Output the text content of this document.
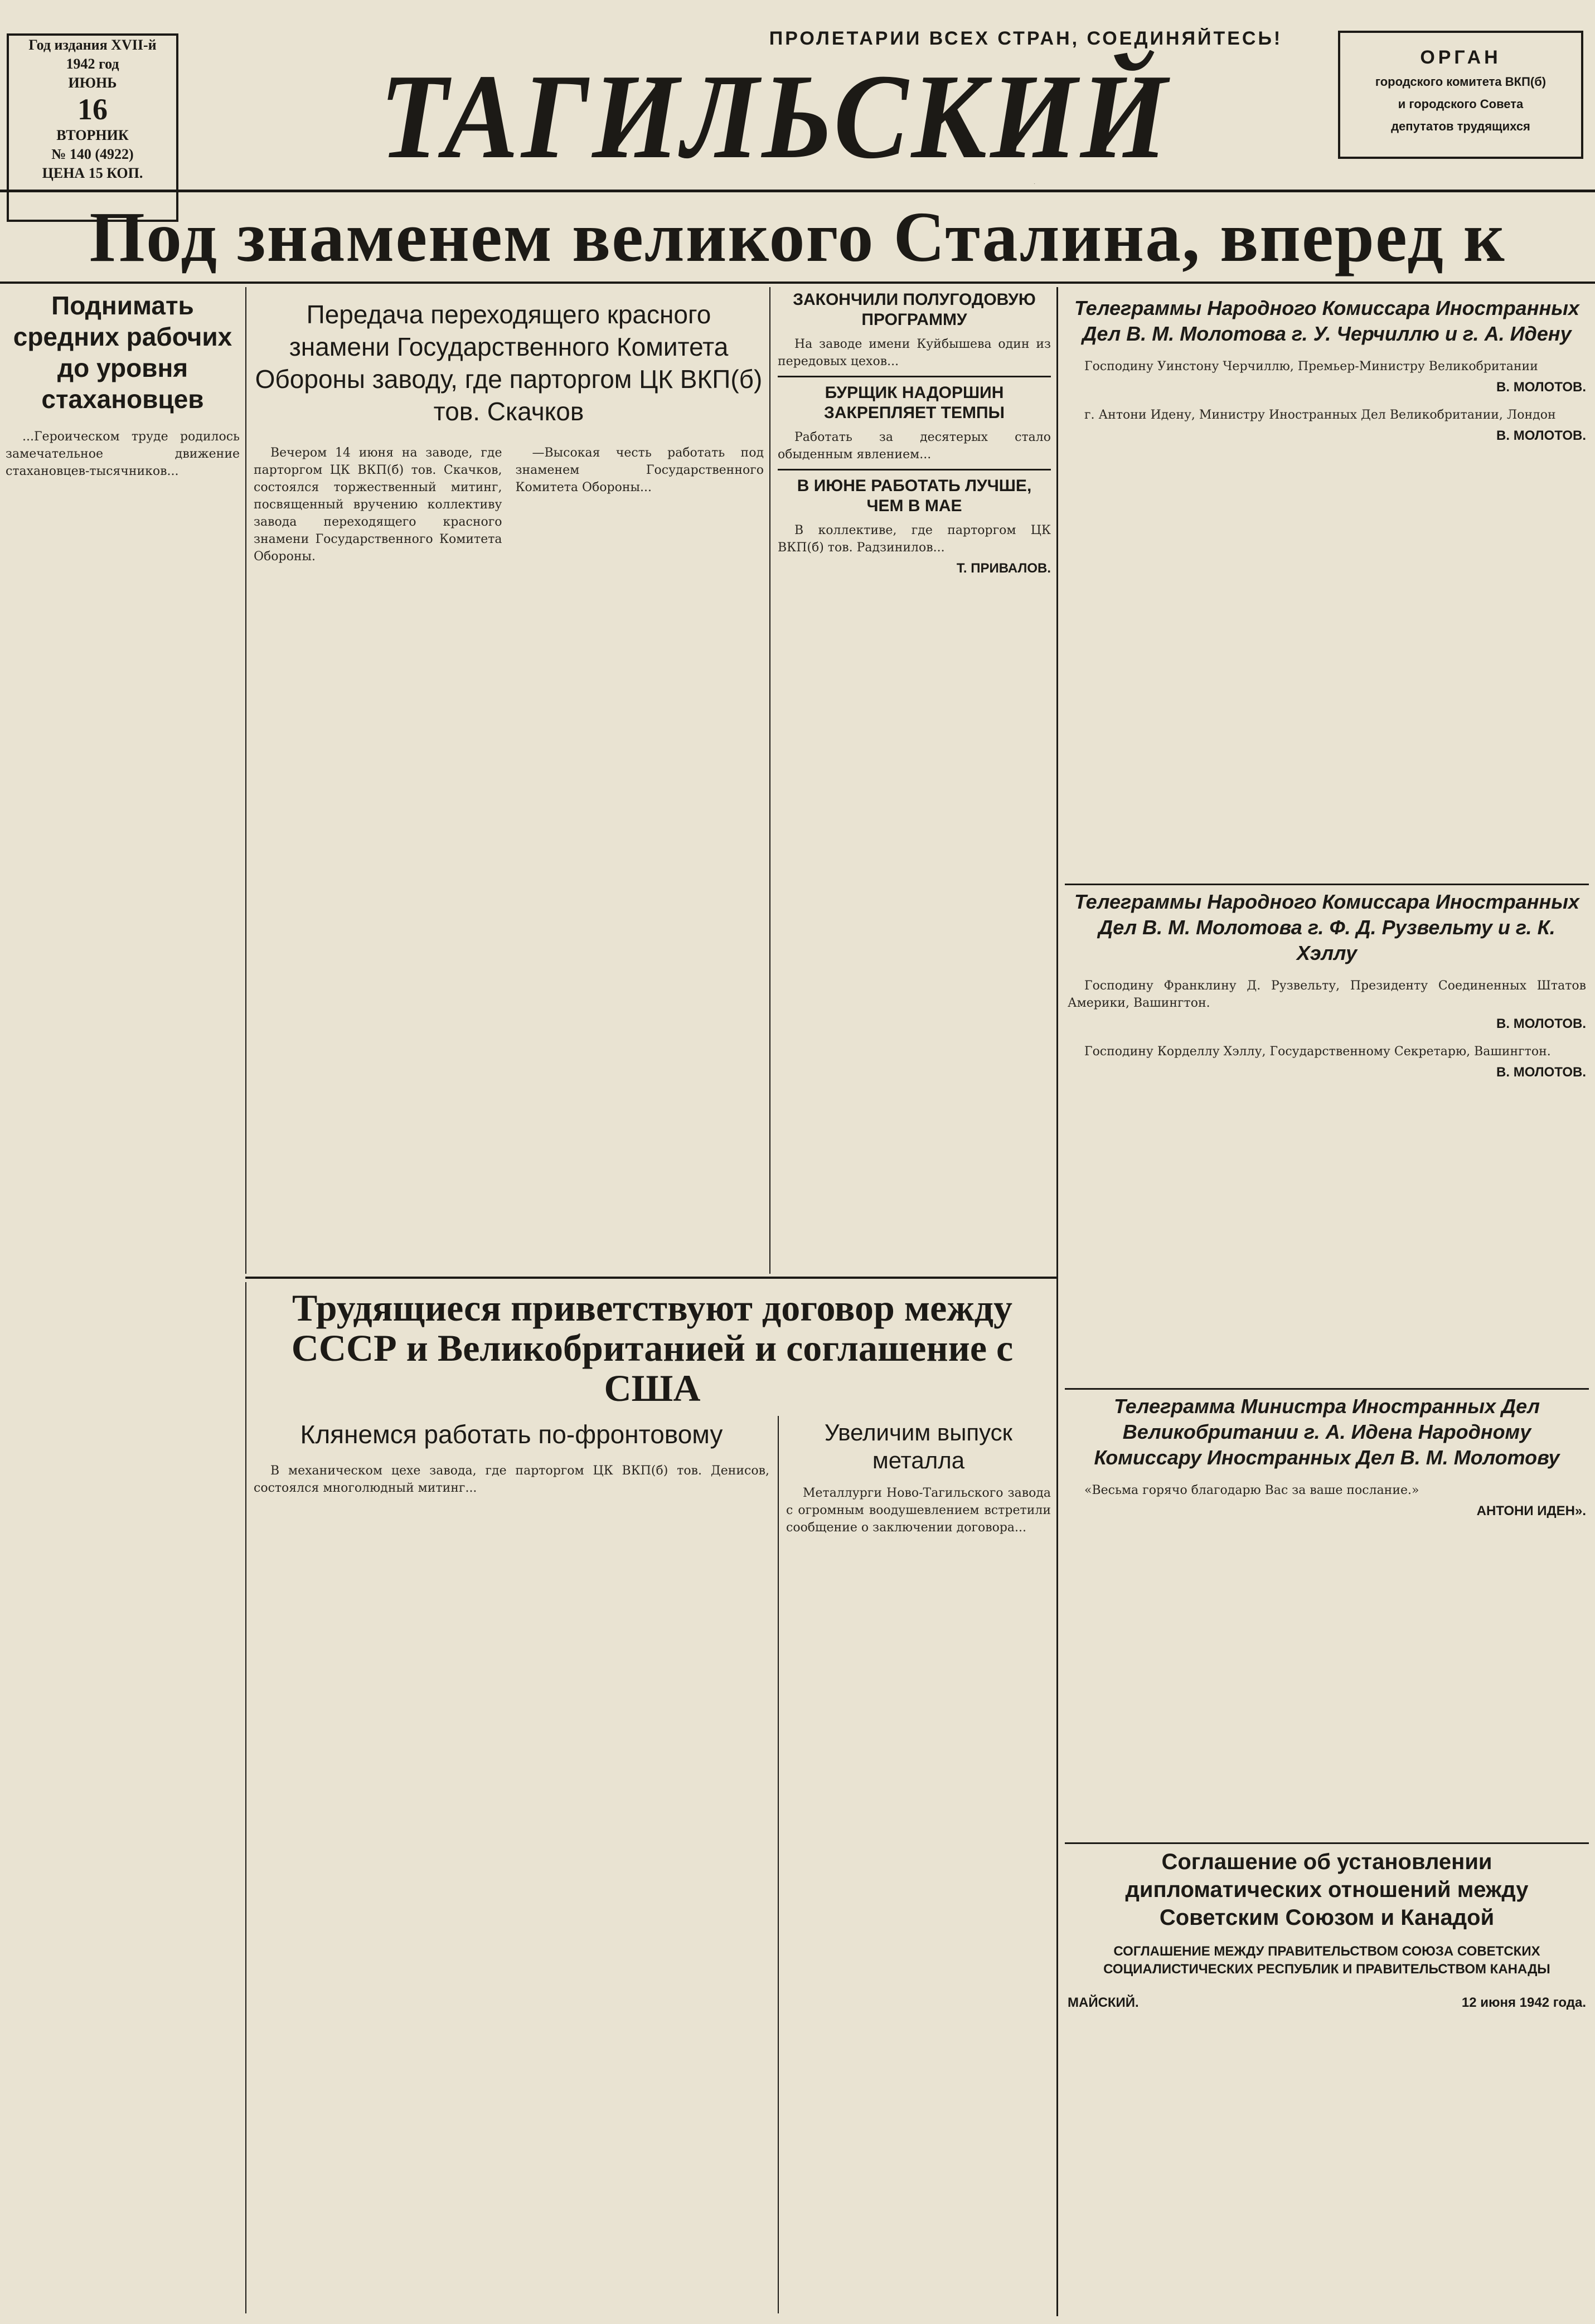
Год издания XVII-й
1942 год
ИЮНЬ
16
ВТОРНИК
№ 140 (4922)
ЦЕНА 15 КОП.
ПРОЛЕТАРИИ ВСЕХ СТРАН, СОЕДИНЯЙТЕСЬ!
ТАГИЛЬСКИЙ	ОРГАН
городского комитета ВКП(б)
и городского Совета
депутатов трудящихся
Под знаменем великого Сталина, вперед к
Поднимать средних рабочих до уровня стахановцев

...Героическом труде родилось замечательное движение стахановцев-тысячников...

Передача переходящего красного знамени Государственного Комитета Обороны заводу, где парторгом ЦК ВКП(б) тов. Скачков

Вечером 14 июня на заводе, где парторгом ЦК ВКП(б) тов. Скачков, состоялся торжественный митинг, посвященный вручению коллективу завода переходящего красного знамени Государственного Комитета Обороны.

—Высокая честь работать под знаменем Государственного Комитета Обороны...

ЗАКОНЧИЛИ ПОЛУГОДОВУЮ ПРОГРАММУ

На заводе имени Куйбышева один из передовых цехов...

БУРЩИК НАДОРШИН ЗАКРЕПЛЯЕТ ТЕМПЫ

Работать за десятерых стало обыденным явлением...

В ИЮНЕ РАБОТАТЬ ЛУЧШЕ, ЧЕМ В МАЕ

В коллективе, где парторгом ЦК ВКП(б) тов. Радзинилов...

Т. ПРИВАЛОВ.
Телеграммы Народного Комиссара Иностранных Дел В. М. Молотова г. У. Черчиллю и г. А. Идену

Господину Уинстону Черчиллю, Премьер-Министру Великобритании

В. МОЛОТОВ.

г. Антони Идену, Министру Иностранных Дел Великобритании, Лондон

В. МОЛОТОВ.
Телеграммы Народного Комиссара Иностранных Дел В. М. Молотова г. Ф. Д. Рузвельту и г. К. Хэллу

Господину Франклину Д. Рузвельту, Президенту Соединенных Штатов Америки, Вашингтон.

В. МОЛОТОВ.

Господину Корделлу Хэллу, Государственному Секретарю, Вашингтон.

В. МОЛОТОВ.
Телеграмма Министра Иностранных Дел Великобритании г. А. Идена Народному Комиссару Иностранных Дел В. М. Молотову

«Весьма горячо благодарю Вас за ваше послание.»

АНТОНИ ИДЕН».
Соглашение об установлении дипломатических отношений между Советским Союзом и Канадой
СОГЛАШЕНИЕ МЕЖДУ ПРАВИТЕЛЬСТВОМ СОЮЗА СОВЕТСКИХ СОЦИАЛИСТИЧЕСКИХ РЕСПУБЛИК И ПРАВИТЕЛЬСТВОМ КАНАДЫ
МАЙСКИЙ.	12 июня 1942 года.
Трудящиеся приветствуют договор между СССР и Великобританией и соглашение с США
Клянемся работать по-фронтовому

В механическом цехе завода, где парторгом ЦК ВКП(б) тов. Денисов, состоялся многолюдный митинг...

Увеличим выпуск металла

Металлурги Ново-Тагильского завода с огромным воодушевлением встретили сообщение о заключении договора...
